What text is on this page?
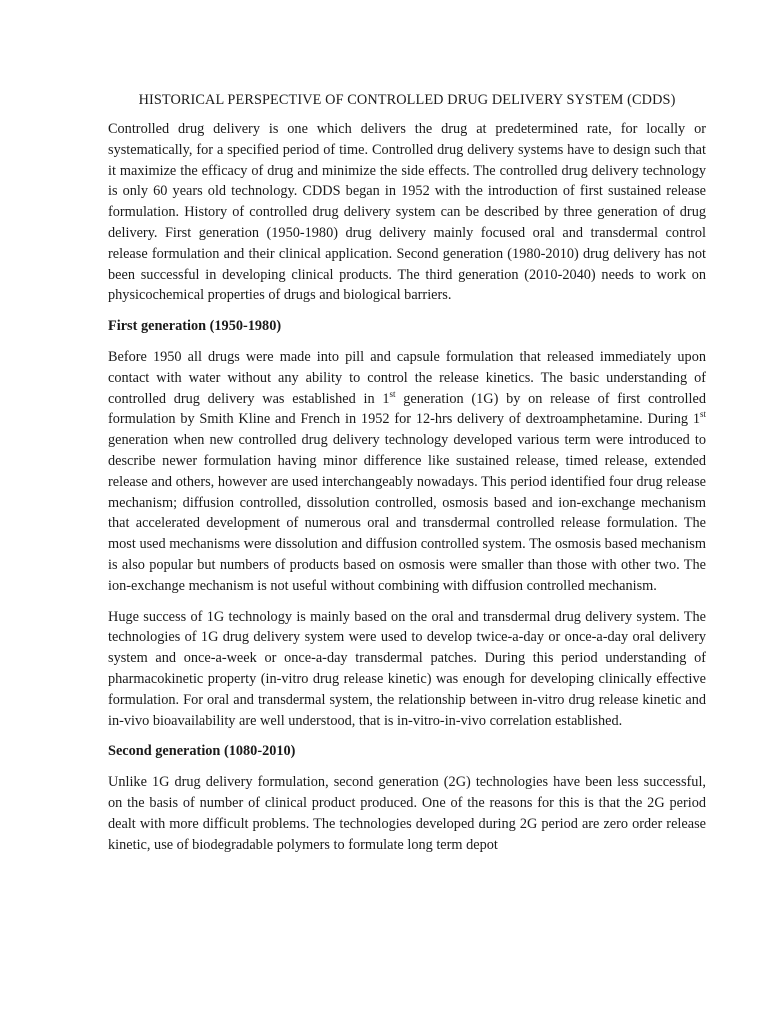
HISTORICAL PERSPECTIVE OF CONTROLLED DRUG DELIVERY SYSTEM (CDDS)

Controlled drug delivery is one which delivers the drug at predetermined rate, for locally or systematically, for a specified period of time. Controlled drug delivery systems have to design such that it maximize the efficacy of drug and minimize the side effects. The controlled drug delivery technology is only 60 years old technology. CDDS began in 1952 with the introduction of first sustained release formulation. History of controlled drug delivery system can be described by three generation of drug delivery. First generation (1950-1980) drug delivery mainly focused oral and transdermal control release formulation and their clinical application. Second generation (1980-2010) drug delivery has not been successful in developing clinical products. The third generation (2010-2040) needs to work on physicochemical properties of drugs and biological barriers.

First generation (1950-1980)

Before 1950 all drugs were made into pill and capsule formulation that released immediately upon contact with water without any ability to control the release kinetics. The basic understanding of controlled drug delivery was established in 1st generation (1G) by on release of first controlled formulation by Smith Kline and French in 1952 for 12-hrs delivery of dextroamphetamine. During 1st generation when new controlled drug delivery technology developed various term were introduced to describe newer formulation having minor difference like sustained release, timed release, extended release and others, however are used interchangeably nowadays. This period identified four drug release mechanism; diffusion controlled, dissolution controlled, osmosis based and ion-exchange mechanism that accelerated development of numerous oral and transdermal controlled release formulation. The most used mechanisms were dissolution and diffusion controlled system. The osmosis based mechanism is also popular but numbers of products based on osmosis were smaller than those with other two. The ion-exchange mechanism is not useful without combining with diffusion controlled mechanism.

Huge success of 1G technology is mainly based on the oral and transdermal drug delivery system. The technologies of 1G drug delivery system were used to develop twice-a-day or once-a-day oral delivery system and once-a-week or once-a-day transdermal patches. During this period understanding of pharmacokinetic property (in-vitro drug release kinetic) was enough for developing clinically effective formulation. For oral and transdermal system, the relationship between in-vitro drug release kinetic and in-vivo bioavailability are well understood, that is in-vitro-in-vivo correlation established.

Second generation (1080-2010)

Unlike 1G drug delivery formulation, second generation (2G) technologies have been less successful, on the basis of number of clinical product produced. One of the reasons for this is that the 2G period dealt with more difficult problems. The technologies developed during 2G period are zero order release kinetic, use of biodegradable polymers to formulate long term depot
